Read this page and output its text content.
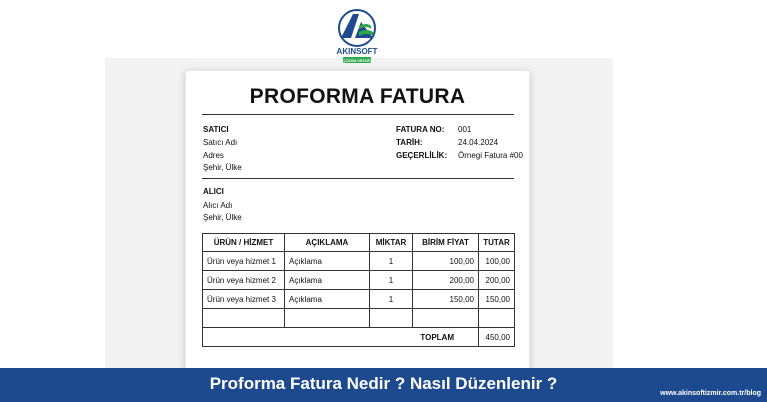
AKINSOFT
ÇÖZÜM ORTAĞI
PROFORMA FATURA
SATICI
Satıcı Adı
Adres
Şehir, Ülke
FATURA NO: 001
TARİH:	24.04.2024
GEÇERLİLİK: Örnegi Fatura #00
ALICI
Alıcı Adı
Şehir, Ülke
ÜRÜN / HİZMET	AÇIKLAMA	MİKTAR	BİRİM FİYAT	TUTAR
Ürün veya hizmet 1	Açıklama	1	100,00	100,00
Ürün veya hizmet 2	Açıklama	1	200,00	200,00
Ürün veya hizmet 3	Açıklama	1	150,00	150,00

TOPLAM				450,00
Proforma Fatura Nedir ? Nasıl Düzenlenir ?
www.akinsoftizmir.com.tr/blog
